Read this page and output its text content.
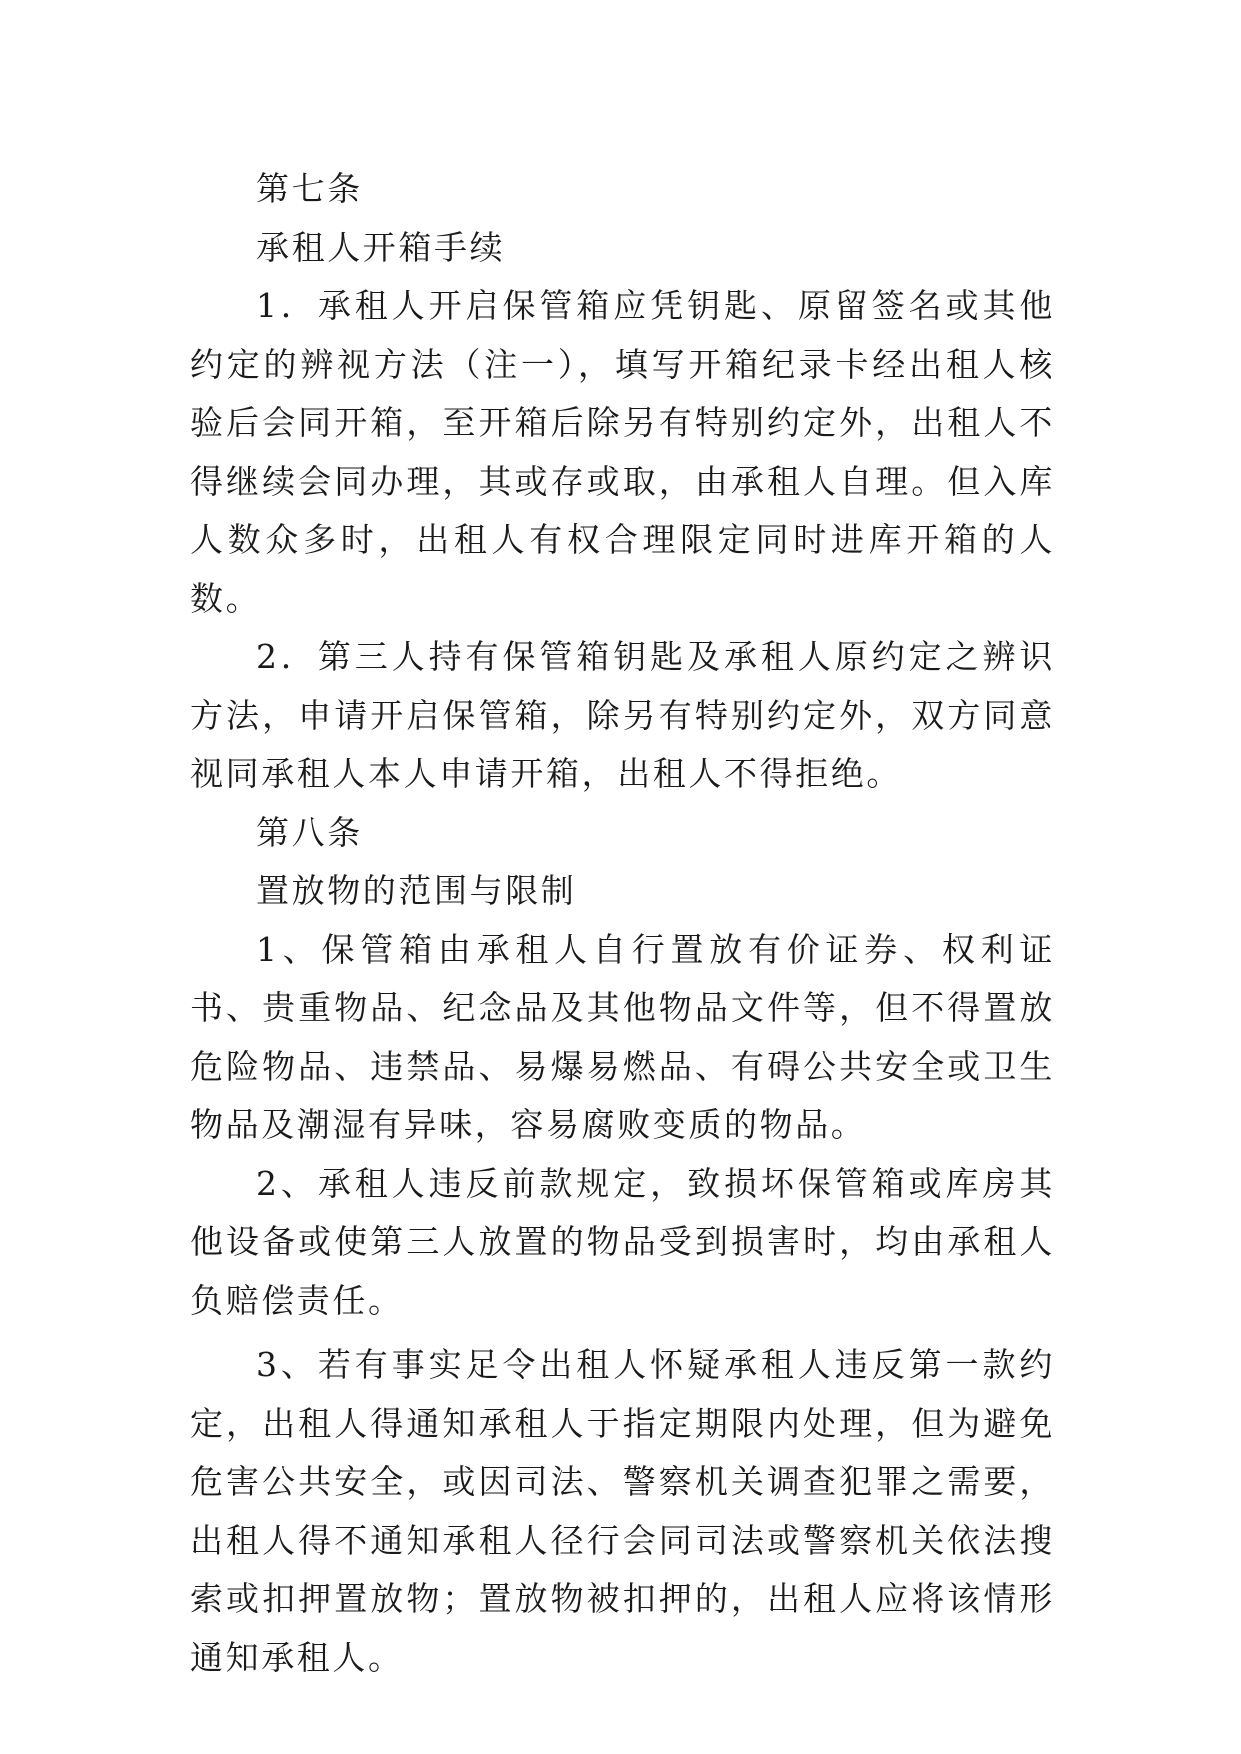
第七条

承租人开箱手续

1．承租人开启保管箱应凭钥匙、原留签名或其他约定的辨视方法（注一），填写开箱纪录卡经出租人核验后会同开箱，至开箱后除另有特别约定外，出租人不得继续会同办理，其或存或取，由承租人自理。但入库人数众多时，出租人有权合理限定同时进库开箱的人数。

2．第三人持有保管箱钥匙及承租人原约定之辨识方法，申请开启保管箱，除另有特别约定外，双方同意视同承租人本人申请开箱，出租人不得拒绝。

第八条

置放物的范围与限制

1、保管箱由承租人自行置放有价证券、权利证书、贵重物品、纪念品及其他物品文件等，但不得置放危险物品、违禁品、易爆易燃品、有碍公共安全或卫生物品及潮湿有异味，容易腐败变质的物品。

2、承租人违反前款规定，致损坏保管箱或库房其他设备或使第三人放置的物品受到损害时，均由承租人负赔偿责任。

3、若有事实足令出租人怀疑承租人违反第一款约定，出租人得通知承租人于指定期限内处理，但为避免危害公共安全，或因司法、警察机关调查犯罪之需要，出租人得不通知承租人径行会同司法或警察机关依法搜索或扣押置放物；置放物被扣押的，出租人应将该情形通知承租人。
